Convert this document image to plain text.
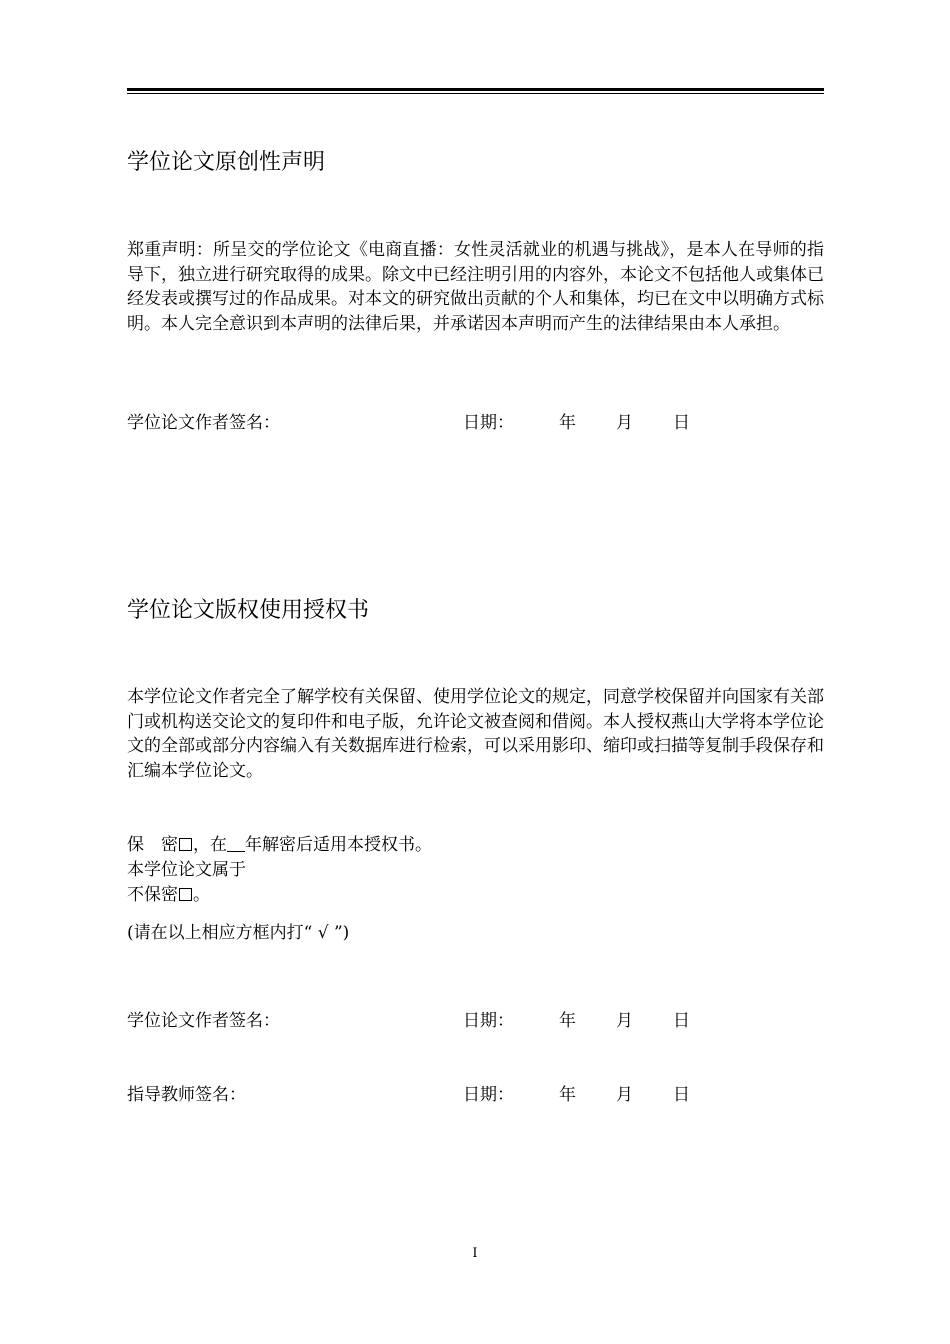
学位论文原创性声明
郑重声明：所呈交的学位论文《电商直播：女性灵活就业的机遇与挑战》，是本人在导师的指导下，独立进行研究取得的成果。除文中已经注明引用的内容外，本论文不包括他人或集体已经发表或撰写过的作品成果。对本文的研究做出贡献的个人和集体，均已在文中以明确方式标明。本人完全意识到本声明的法律后果，并承诺因本声明而产生的法律结果由本人承担。
学位论文作者签名：	日期：	年 月 日
学位论文版权使用授权书
本学位论文作者完全了解学校有关保留、使用学位论文的规定，同意学校保留并向国家有关部门或机构送交论文的复印件和电子版，允许论文被查阅和借阅。本人授权燕山大学将本学位论文的全部或部分内容编入有关数据库进行检索，可以采用影印、缩印或扫描等复制手段保存和汇编本学位论文。
保　密 ，在 年解密后适用本授权书。
本学位论文属于
不保密 。
(请在以上相应方框内打“ √ ”)
学位论文作者签名：	日期：	年 月 日
指导教师签名：	日期：	年 月 日
I
